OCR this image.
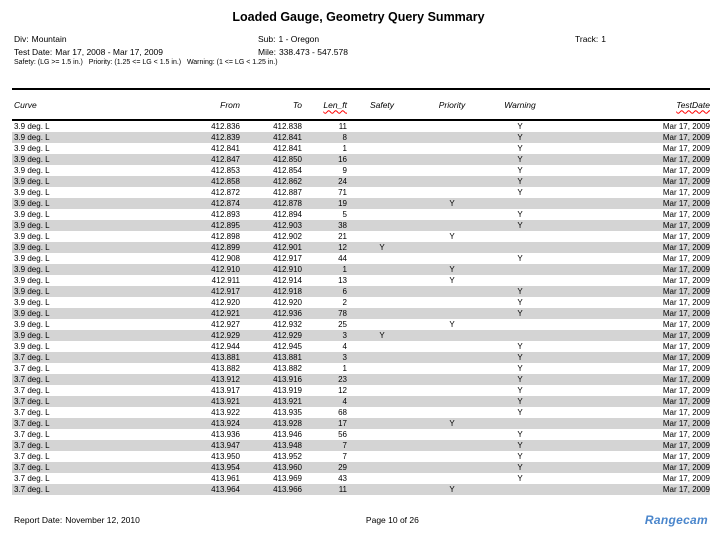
Loaded Gauge, Geometry Query Summary
Div: Mountain	Sub: 1 - Oregon	Track: 1
Test Date: Mar 17, 2008 - Mar 17, 2009	Mile: 338.473 - 547.578
Safety: (LG >= 1.5 in.)   Priority: (1.25 <= LG < 1.5 in.)   Warning: (1 <= LG < 1.25 in.)
Curve	From	To	Len_ft	Safety	Priority	Warning	TestDate
3.9 deg. L	412.836	412.838	11			Y	Mar 17, 2009
3.9 deg. L	412.839	412.841	8			Y	Mar 17, 2009
3.9 deg. L	412.841	412.841	1			Y	Mar 17, 2009
3.9 deg. L	412.847	412.850	16			Y	Mar 17, 2009
3.9 deg. L	412.853	412.854	9			Y	Mar 17, 2009
3.9 deg. L	412.858	412.862	24			Y	Mar 17, 2009
3.9 deg. L	412.872	412.887	71			Y	Mar 17, 2009
3.9 deg. L	412.874	412.878	19		Y		Mar 17, 2009
3.9 deg. L	412.893	412.894	5			Y	Mar 17, 2009
3.9 deg. L	412.895	412.903	38			Y	Mar 17, 2009
3.9 deg. L	412.898	412.902	21		Y		Mar 17, 2009
3.9 deg. L	412.899	412.901	12	Y			Mar 17, 2009
3.9 deg. L	412.908	412.917	44			Y	Mar 17, 2009
3.9 deg. L	412.910	412.910	1		Y		Mar 17, 2009
3.9 deg. L	412.911	412.914	13		Y		Mar 17, 2009
3.9 deg. L	412.917	412.918	6			Y	Mar 17, 2009
3.9 deg. L	412.920	412.920	2			Y	Mar 17, 2009
3.9 deg. L	412.921	412.936	78			Y	Mar 17, 2009
3.9 deg. L	412.927	412.932	25		Y		Mar 17, 2009
3.9 deg. L	412.929	412.929	3	Y			Mar 17, 2009
3.9 deg. L	412.944	412.945	4			Y	Mar 17, 2009
3.7 deg. L	413.881	413.881	3			Y	Mar 17, 2009
3.7 deg. L	413.882	413.882	1			Y	Mar 17, 2009
3.7 deg. L	413.912	413.916	23			Y	Mar 17, 2009
3.7 deg. L	413.917	413.919	12			Y	Mar 17, 2009
3.7 deg. L	413.921	413.921	4			Y	Mar 17, 2009
3.7 deg. L	413.922	413.935	68			Y	Mar 17, 2009
3.7 deg. L	413.924	413.928	17		Y		Mar 17, 2009
3.7 deg. L	413.936	413.946	56			Y	Mar 17, 2009
3.7 deg. L	413.947	413.948	7			Y	Mar 17, 2009
3.7 deg. L	413.950	413.952	7			Y	Mar 17, 2009
3.7 deg. L	413.954	413.960	29			Y	Mar 17, 2009
3.7 deg. L	413.961	413.969	43			Y	Mar 17, 2009
3.7 deg. L	413.964	413.966	11		Y		Mar 17, 2009
Report Date: November 12, 2010	Page 10 of 26	Rangecam
